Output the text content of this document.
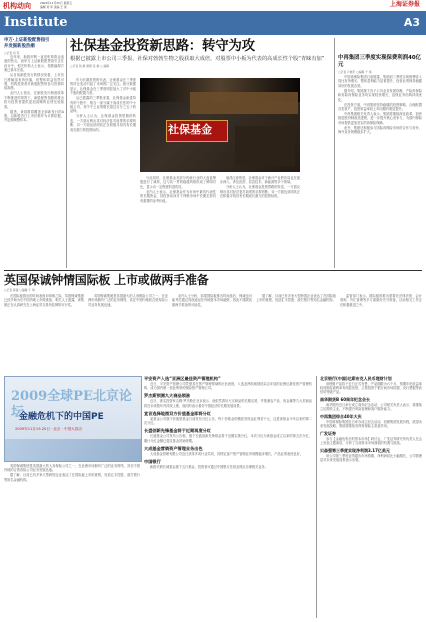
机构动向	2009年11月20日 星期五
编辑 刘 军 美编 王 爽	上海证券报
Institute	A3
申万·上证新股配售指引
并发掘新股热潮
○记者 何 军

近年来，新股申购一直是机构资金追逐的热点，而申万上证新股配售指引正在设计中，相关机构人士表示，指数编制方案已基本完成。

从目前新股发行的情况来看，上市首日涨幅虽有所回落，但整体收益依然可观，机构投资者对新股配售的参与热情持续高涨。

业内人士指出，在新股发行制度改革不断推进的背景下，新股配售指数的推出将为投资者提供更加清晰的业绩比较基准。

据悉，该指数将覆盖全部新发行的A股，以新股首日上市价格作为计算依据，并定期调整样本。

社保基金投资新思路：转守为攻
根据已披露上市公司三季报，社保对勃勃生物之股获取大成倍，对股票中小板为代表的高成长性个股“青睐有加”
○记者 钱 敏 制图 张 衡 ○ 编辑

作为长期投资的代表，社保基金在三季度的持仓变动引起了市场的广泛关注。统计数据显示，社保基金在三季度明显加大了对中小板个股的配置力度。

从已披露的三季报来看，社保基金新进持有的个股中，相当一部分属于高成长性的中小板公司，其中不乏业绩增长超过百分之五十的品种。

分析人士认为，社保基金投资思路的转变，一方面反映出其对经济复苏前景的乐观判断，另一方面也说明其正在积极寻找具有长期成长潜力的投资标的。	社保基金

与此同时，社保基金对部分传统行业的大盘蓝筹股进行了减持，这与其一贯的稳健风格形成了鲜明对比，显示出一定程度的进攻性。

业内人士表示，社保基金作为市场中最具代表性的长期资金，其投资动向对于判断市场中长期走势具有重要的参考价值。

值得注意的是，社保基金对于新兴产业的布局也在逐步深入，涉及医药、信息技术、新能源等多个领域。

分析人士认为，社保基金投资思路的转变，一方面反映出其对经济复苏前景的乐观判断，另一方面也说明其正在积极寻找具有长期成长潜力的投资标的。

中再集团三季度实现保费利润40亿元
○记者 卢晓平 ○编辑 干 琪

中国再保险集团日前披露，集团前三季度实现保费收入同比有所增长，整体盈利能力显著提升，经营业绩保持稳健向好的发展态势。

据介绍，集团旗下各子公司业务发展均衡，产险再保险和寿险再保险业务均实现较快增长，直保业务结构持续优化。

在投资方面，中再集团坚持稳健的投资策略，合理配置各类资产，投资收益率较上年同期有明显提升。

中再集团相关负责人表示，集团将继续深化改革，加快推进股份制改造进程，进一步提升核心竞争力，为国内保险市场提供更加坚实的再保险保障。

此外，集团还积极参与国际再保险市场的合作与竞争，海外业务规模稳步扩大。

英国保诚钟情国际板 上市或做两手准备
○记者 黄蕾 ○编辑 干 琪

在国际板推出的时间表尚未明朗之际，英国保诚集团已经开始为在中国内地上市做准备，相关人士透露，该集团正在认真研究在上海证券交易所挂牌的可行性。

英国保诚集团是英国最大的人寿保险公司之一，在亚洲市场拥有广泛的业务网络，其在中国内地的合资寿险公司业务发展迅速。

业内人士分析，如果国际板推出时间延后，保诚也可能考虑通过其他途径在内地资本市场融资，因此不排除其做两手准备的可能性。

据了解，目前已有多家大型跨国企业表达了在国际板上市的意愿，包括汇丰控股、渣打银行等知名金融机构。

监管部门表示，国际板的推出需要在法律法规、会计准则、外汇管理等多方面做好充分准备，目前相关工作正在积极推进之中。

2009全球PE北京论坛
金融危机下的中国PE
2009年11月19-20日 · 北京 · 中国大饭店
平安资产入选“亚洲区最佳资产管理机构”

近日，平安资产管理公司凭借其在资产管理领域的出色表现，入选亚洲权威财经杂志评选的亚洲区最佳资产管理机构，成为国内唯一获此殊荣的保险资产管理公司。

罗杰斯预测九大商品领涨

近日，著名投资家吉姆·罗杰斯在北京表示，他依然看好大宗商品的长期走势，并预测农产品、贵金属等九大类商品将在未来数年内持续上涨，他同时表示看好中国经济的长期发展前景。

宣言选择地图双方价值基金即将分红

某基金公司旗下价值型基金日前发布分红公告，每十份基金份额派发现金红利若干元，这是该基金今年以来的第二次分红。

长盛创新先锋基金将于近期再度分红

长盛基金公司发布公告称，旗下长盛创新先锋基金将于近期实施分红，本次分红为该基金成立以来的第五次分红，累计分红金额已超过基金初始规模。

大成基金营销资产管理业务出色

大成基金管理有限公司近日获得多项行业奖项，其特定客户资产管理业务规模稳步增长，产品业绩表现良好。

中国银行

新推代销长城基金旗下五只基金，投资者可通过中国银行各营业网点办理相关业务。

英国保诚集团是英国最大的人寿保险公司之一，在亚洲市场拥有广泛的业务网络，其在中国内地的合资寿险公司业务发展迅速。

据了解，目前已有多家大型跨国企业表达了在国际板上市的意愿，包括汇丰控股、渣打银行等知名金融机构。

北京银行(中国)达斯布克人民币理财计划

该理财产品将于近日正式发售，产品期限为六个月，预期年化收益率较同期存款利率有明显优势，主要投资于银行间市场国债、央行票据等高信用等级产品。

南华期货B 60周年纪念会长

南华期货近日举行成立周年纪念活动，公司相关负责人表示，将继续立足期货主业，不断提升风险管理和客户服务能力。

中再集团综合40年大庆

中国再保险集团近日举办成立纪念活动，回顾集团发展历程，展望未来发展战略，集团将继续发挥再保险主渠道作用。

广发证券

参与【金融危机后的资本市场】研讨会，广发证券研究所负责人在会上发表主题演讲，分析了当前资本市场面临的机遇与挑战。

贝森强第三季度实现净利润3.17亿美元

该公司第三季度业绩超出市场预期，净利润同比大幅增长，公司管理层对未来发展前景表示乐观。
